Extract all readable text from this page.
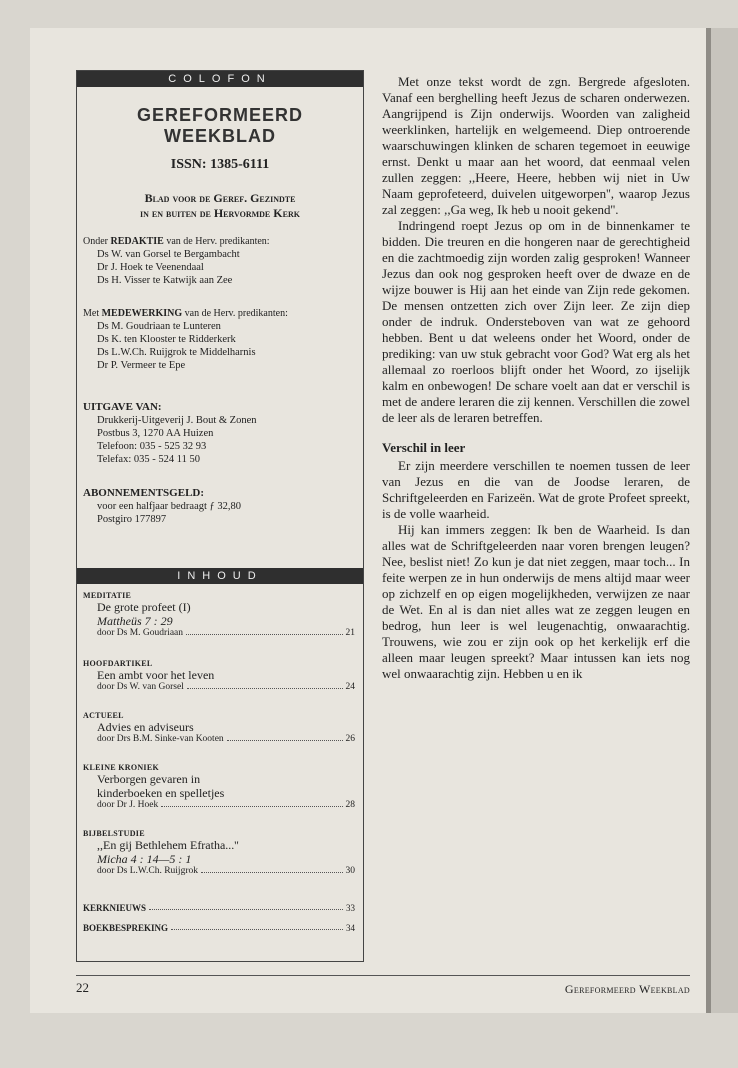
COLOFON
GEREFORMEERD
WEEKBLAD
ISSN: 1385-6111
Blad voor de Geref. Gezindte
in en buiten de Hervormde Kerk
Onder REDAKTIE van de Herv. predikanten:
Ds W. van Gorsel te Bergambacht
Dr J. Hoek te Veenendaal
Ds H. Visser te Katwijk aan Zee
Met MEDEWERKING van de Herv. predikanten:
Ds M. Goudriaan te Lunteren
Ds K. ten Klooster te Ridderkerk
Ds L.W.Ch. Ruijgrok te Middelharnis
Dr P. Vermeer te Epe
UITGAVE VAN:
Drukkerij-Uitgeverij J. Bout & Zonen
Postbus 3, 1270 AA Huizen
Telefoon: 035 - 525 32 93
Telefax: 035 - 524 11 50
ABONNEMENTSGELD:
voor een halfjaar bedraagt ƒ 32,80
Postgiro 177897
INHOUD
MEDITATIE
De grote profeet (I)
Mattheüs 7 : 29
door Ds M. Goudriaan	21
HOOFDARTIKEL
Een ambt voor het leven
door Ds W. van Gorsel	24
ACTUEEL
Advies en adviseurs
door Drs B.M. Sinke-van Kooten	26
KLEINE KRONIEK
Verborgen gevaren in
kinderboeken en spelletjes
door Dr J. Hoek	28
BIJBELSTUDIE
,,En gij Bethlehem Efratha...''
Micha 4 : 14—5 : 1
door Ds L.W.Ch. Ruijgrok	30
KERKNIEUWS	33
BOEKBESPREKING	34

Met onze tekst wordt de zgn. Bergrede afgesloten. Vanaf een berghelling heeft Jezus de scharen onderwezen. Aangrijpend is Zijn onderwijs. Woorden van zaligheid weerklinken, hartelijk en welgemeend. Diep ontroerende waarschuwingen klinken de scharen tegemoet in eeuwige ernst. Denkt u maar aan het woord, dat eenmaal velen zullen zeggen: ,,Heere, Heere, hebben wij niet in Uw Naam geprofeteerd, duivelen uitgeworpen'', waarop Jezus zal zeggen: ,,Ga weg, Ik heb u nooit gekend''.

Indringend roept Jezus op om in de binnenkamer te bidden. Die treuren en die hongeren naar de gerechtigheid en die zachtmoedig zijn worden zalig gesproken! Wanneer Jezus dan ook nog gesproken heeft over de dwaze en de wijze bouwer is Hij aan het einde van Zijn rede gekomen. De mensen ontzetten zich over Zijn leer. Ze zijn diep onder de indruk. Ondersteboven van wat ze gehoord hebben. Bent u dat weleens onder het Woord, onder de prediking: van uw stuk gebracht voor God? Wat erg als het allemaal zo roerloos blijft onder het Woord, zo ijselijk kalm en onbewogen! De schare voelt aan dat er verschil is met de andere leraren die zij kennen. Verschillen die zowel de leer als de leraren betreffen.

Verschil in leer

Er zijn meerdere verschillen te noemen tussen de leer van Jezus en die van de Joodse leraren, de Schriftgeleerden en Farizeën. Wat de grote Profeet spreekt, is de volle waarheid.

Hij kan immers zeggen: Ik ben de Waarheid. Is dan alles wat de Schriftgeleerden naar voren brengen leugen? Nee, beslist niet! Zo kun je dat niet zeggen, maar toch... In feite werpen ze in hun onderwijs de mens altijd maar weer op zichzelf en op eigen mogelijkheden, verwijzen ze naar de Wet. En al is dan niet alles wat ze zeggen leugen en bedrog, hun leer is wel leugenachtig, onwaarachtig. Trouwens, wie zou er zijn ook op het kerkelijk erf die alleen maar leugen spreekt? Maar intussen kan iets nog wel onwaarachtig zijn. Hebben u en ik

22	Gereformeerd Weekblad
